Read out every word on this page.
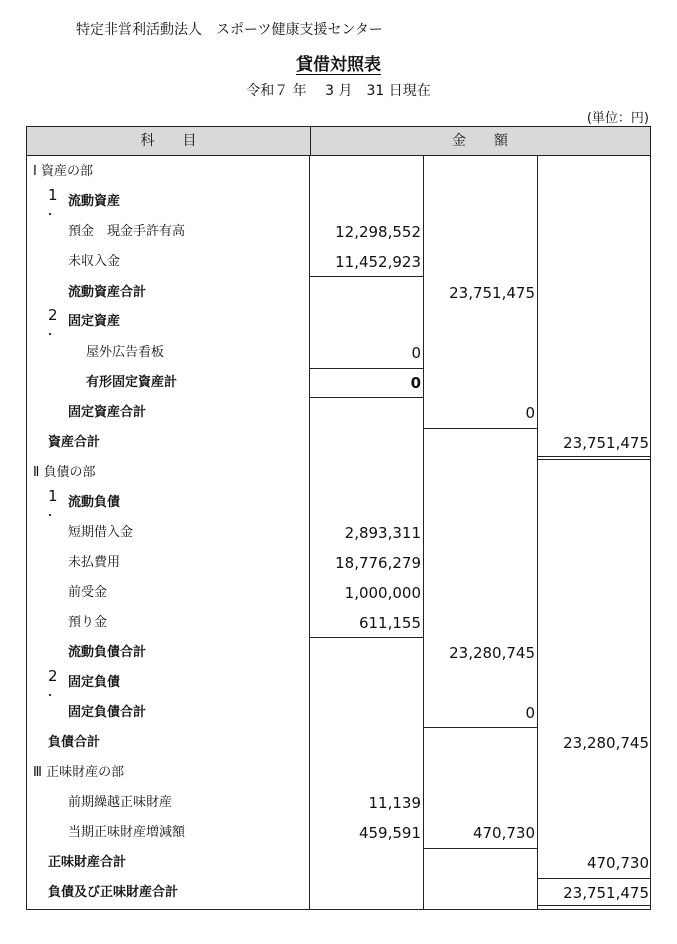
特定非営利活動法人　スポーツ健康支援センター
貸借対照表
令和７ 年　 3 月　31 日現在
(単位：円)
科　　目	金　　額
Ⅰ 資産の部
1 流動資産
預金　現金手許有高	12,298,552
未収入金	11,452,923
流動資産合計	23,751,475
2 固定資産
屋外広告看板	0
有形固定資産計	0
固定資産合計	0
資産合計	23,751,475
Ⅱ 負債の部
1 流動負債
短期借入金	2,893,311
未払費用	18,776,279
前受金	1,000,000
預り金	611,155
流動負債合計	23,280,745
2 固定負債
固定負債合計	0
負債合計	23,280,745
Ⅲ 正味財産の部
前期繰越正味財産	11,139
当期正味財産増減額	459,591	470,730
正味財産合計	470,730
負債及び正味財産合計	23,751,475
